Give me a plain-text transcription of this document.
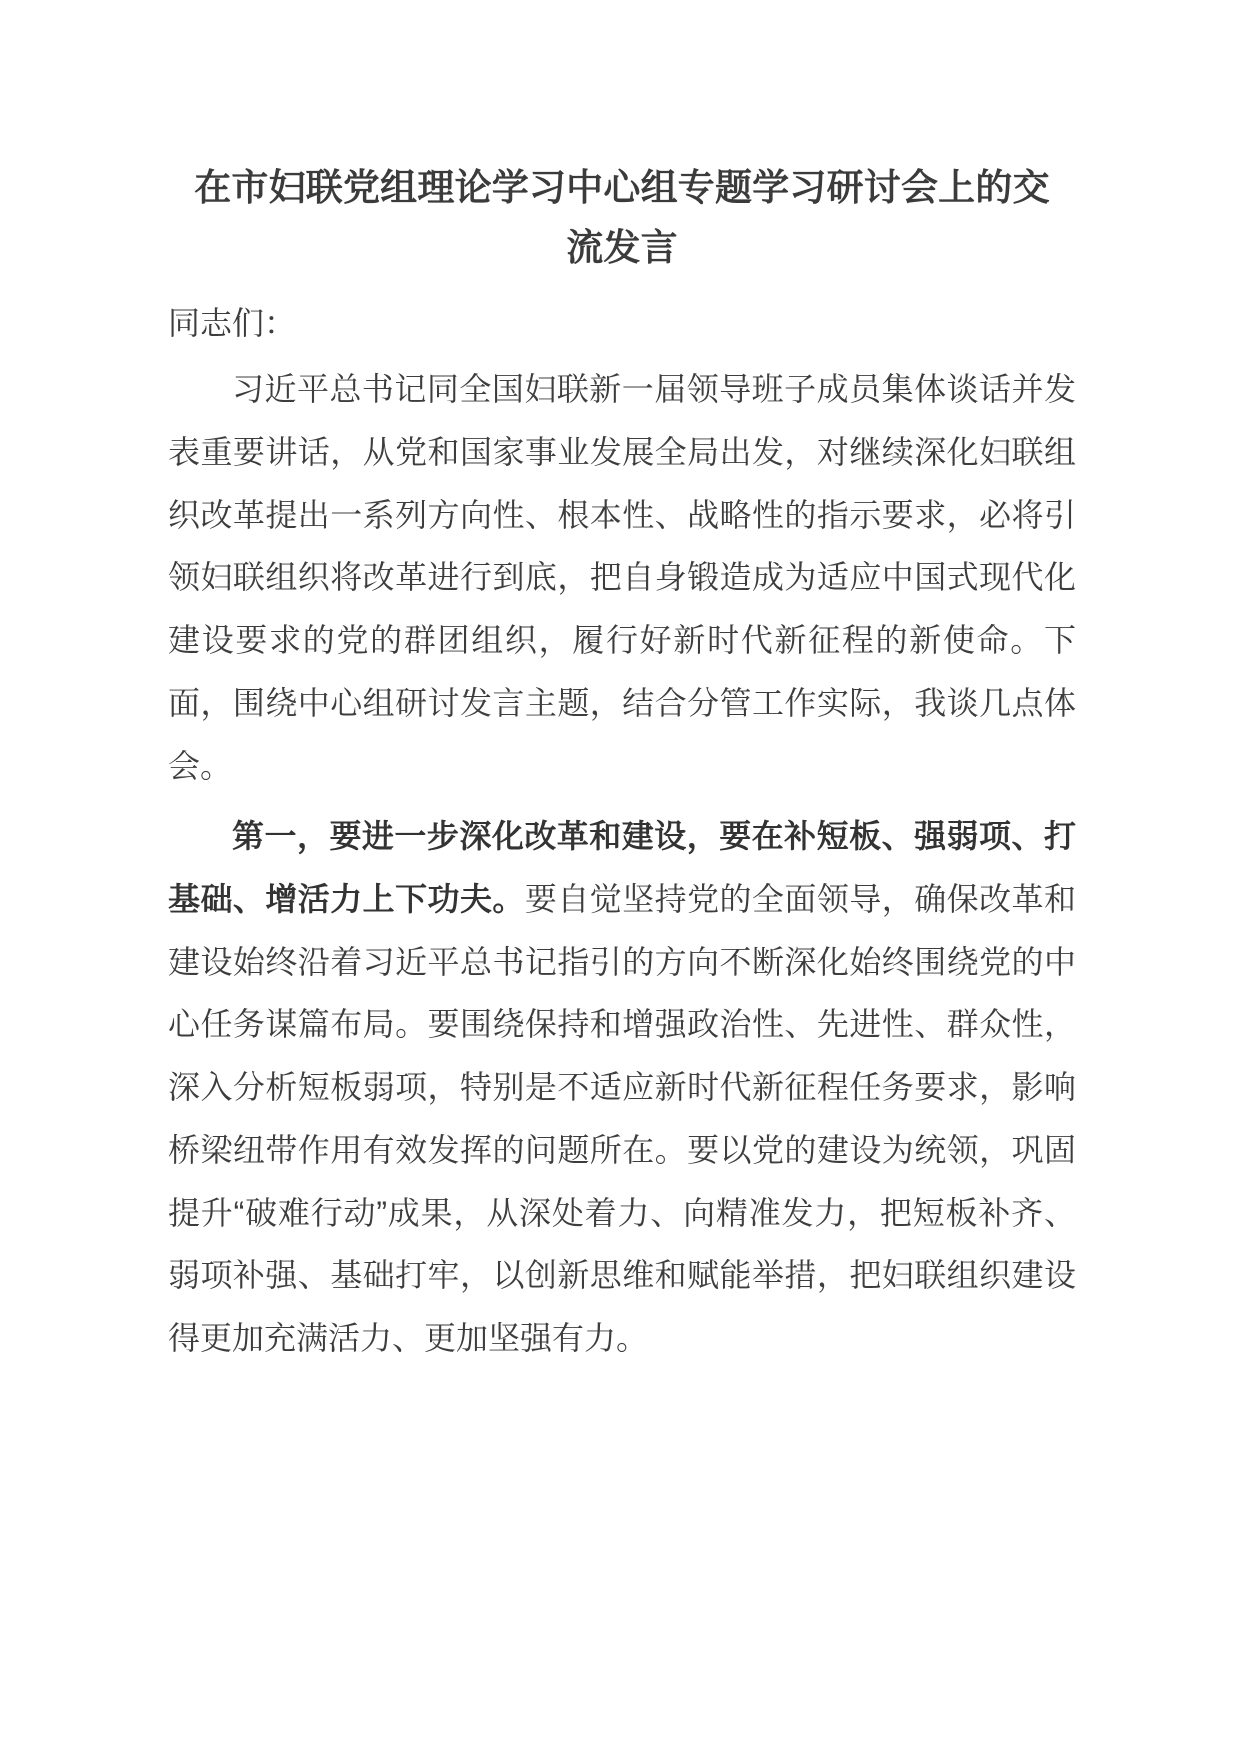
在市妇联党组理论学习中心组专题学习研讨会上的交流发言

同志们：

习近平总书记同全国妇联新一届领导班子成员集体谈话并发表重要讲话，从党和国家事业发展全局出发，对继续深化妇联组织改革提出一系列方向性、根本性、战略性的指示要求，必将引领妇联组织将改革进行到底，把自身锻造成为适应中国式现代化建设要求的党的群团组织，履行好新时代新征程的新使命。下面，围绕中心组研讨发言主题，结合分管工作实际，我谈几点体会。

第一，要进一步深化改革和建设，要在补短板、强弱项、打基础、增活力上下功夫。要自觉坚持党的全面领导，确保改革和建设始终沿着习近平总书记指引的方向不断深化始终围绕党的中心任务谋篇布局。要围绕保持和增强政治性、先进性、群众性，深入分析短板弱项，特别是不适应新时代新征程任务要求，影响桥梁纽带作用有效发挥的问题所在。要以党的建设为统领，巩固提升“破难行动”成果，从深处着力、向精准发力，把短板补齐、弱项补强、基础打牢，以创新思维和赋能举措，把妇联组织建设得更加充满活力、更加坚强有力。
